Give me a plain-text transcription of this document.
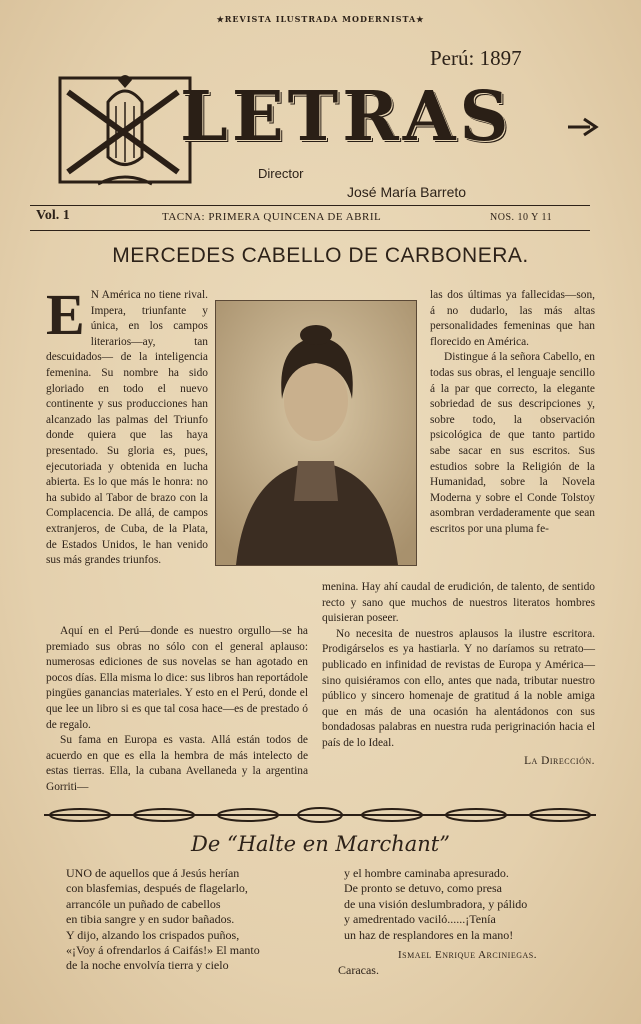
★REVISTA ILUSTRADA MODERNISTA★
Perú: 1897
LETRAS
Director
José María Barreto
Vol. 1	TACNA: PRIMERA QUINCENA DE ABRIL	NOS. 10 Y 11
MERCEDES CABELLO DE CARBONERA.

E N América no tiene rival. Impera, triunfante y única, en los campos literarios—ay, tan descuidados— de la inteligencia femenina. Su nombre ha sido gloriado en todo el nuevo continente y sus producciones han alcanzado las palmas del Triunfo donde quiera que las haya presentado. Su gloria es, pues, ejecutoriada y obtenida en lucha abierta. Es lo que más le honra: no ha subido al Tabor de brazo con la Complacencia. De allá, de campos extranjeros, de Cuba, de la Plata, de Estados Unidos, le han venido sus más grandes triunfos.

Aquí en el Perú—donde es nuestro orgullo—se ha premiado sus obras no sólo con el general aplauso: numerosas ediciones de sus novelas se han agotado en pocos días. Ella misma lo dice: sus libros han reportádole pingües ganancias materiales. Y esto en el Perú, donde el que lee un libro si es que tal cosa hace—es de prestado ó de regalo.

Su fama en Europa es vasta. Allá están todos de acuerdo en que es ella la hembra de más intelecto de estas tierras. Ella, la cubana Avellaneda y la argentina Gorriti—

las dos últimas ya fallecidas—son, á no dudarlo, las más altas personalidades femeninas que han florecido en América.

Distingue á la señora Cabello, en todas sus obras, el lenguaje sencillo á la par que correcto, la elegante sobriedad de sus descripciones y, sobre todo, la observación psicológica de que tanto partido sabe sacar en sus escritos. Sus estudios sobre la Religión de la Humanidad, sobre la Novela Moderna y sobre el Conde Tolstoy asombran verdaderamente que sean escritos por una pluma fe-

menina. Hay ahí caudal de erudición, de talento, de sentido recto y sano que muchos de nuestros literatos hombres quisieran poseer.

No necesita de nuestros aplausos la ilustre escritora. Prodigárselos es ya hastiarla. Y no daríamos su retrato—publicado en infinidad de revistas de Europa y América—sino quisiéramos con ello, antes que nada, tributar nuestro público y sincero homenaje de gratitud á la noble amiga que en más de una ocasión ha alentádonos con sus bondadosas palabras en nuestra ruda perigrinación hacia el país de lo Ideal.

La Dirección.

De “Halte en Marchant”
UNO de aquellos que á Jesús herían
con blasfemias, después de flagelarlo,
arrancóle un puñado de cabellos
en tibia sangre y en sudor bañados.
Y dijo, alzando los crispados puños,
«¡Voy á ofrendarlos á Caifás!» El manto
de la noche envolvía tierra y cielo
y el hombre caminaba apresurado.
De pronto se detuvo, como presa
de una visión deslumbradora, y pálido
y amedrentado vaciló......¡Tenía
un haz de resplandores en la mano!
Ismael Enrique Arciniegas.
Caracas.
